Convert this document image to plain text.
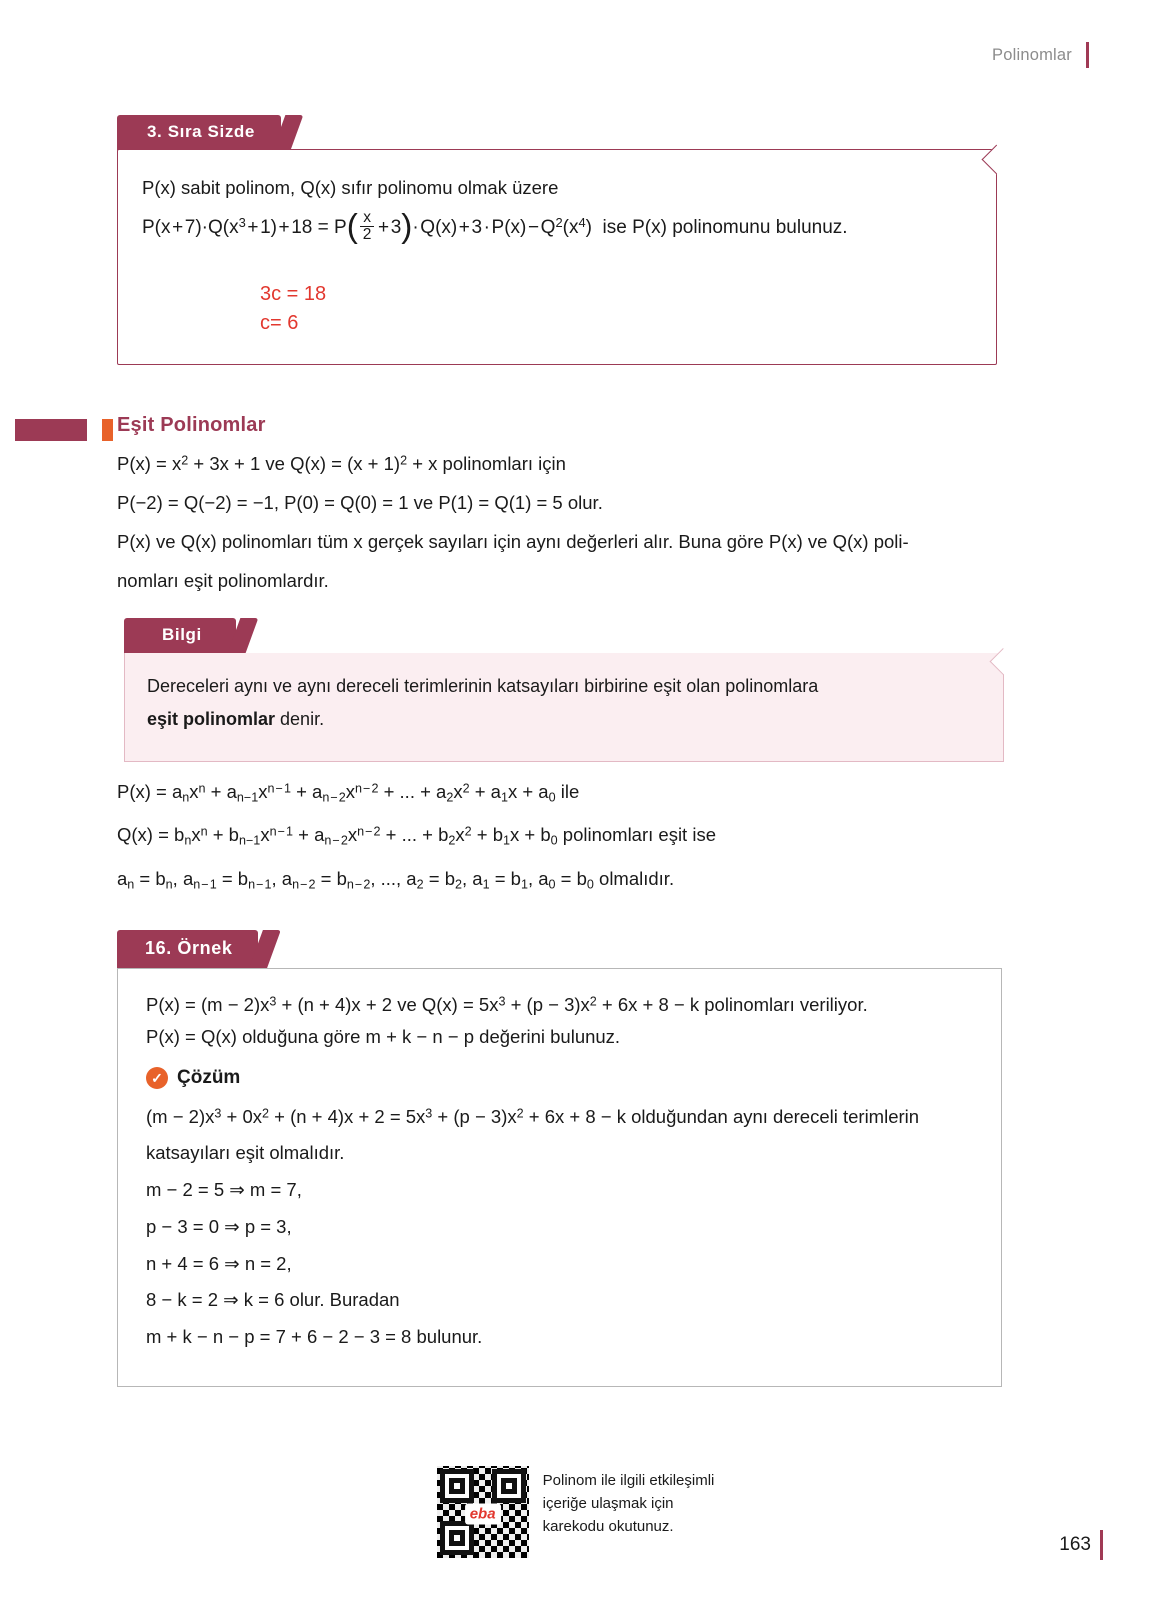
Polinomlar
3. Sıra Sizde

P(x) sabit polinom, Q(x) sıfır polinomu olmak üzere

P(x + $7)\cdot Q(x^3$ + 1) + $18 = P( \frac{x}{2}$  + 3)· Q(x) + 3 · P(x) − $Q^2(x^4)$  ise P(x) polinomunu bulunuz.

3c = 18
c= 6
Eşit Polinomlar

$P(x) = x^2 + 3x + 1$ ve $Q(x) = (x + 1)^2 + x$ polinomları için

P(−2) = Q(−2) = −1, P(0) = Q(0) = 1 ve P(1) = Q(1) = 5 olur.

P(x) ve Q(x) polinomları tüm x gerçek sayıları için aynı değerleri alır. Buna göre P(x) ve Q(x) poli-

nomları eşit polinomlardır.

Bilgi

Dereceleri aynı ve aynı dereceli terimlerinin katsayıları birbirine eşit olan polinomlara

eşit polinomlar denir.

$P(x) = a_nx^n + a_{n-1}x^{n - 1} + a_{n - 2}x^{n - 2}$ + ... + $a_2x^2 + a_1x + a_0$ ile

$Q(x) = b_nx^n + b_{n-1}x^{n - 1} + a_{n - 2}x^{n - 2}$ + ... + $b_2x^2 + b_1x + b_0$ polinomları eşit ise

$a_n = b_n$, $a_{n - 1} = b_{n - 1}$, $a_{n - 2} = b_{n - 2}$, ..., $a_2 = b_2$, $a_1 = b_1$, $a_0 = b_0$ olmalıdır.

16. Örnek

$P(x) = (m - 2)x^3 + (n + 4)x + 2$ ve $Q(x) = 5x^3 + (p - 3)x^2 + 6x + 8 - k$ polinomları veriliyor.

P(x) = Q(x) olduğuna göre m + k − n − p değerini bulunuz.

✓ Çözüm

$(m - 2)x^3 + 0x^2 + (n + 4)x + 2 = 5x^3 + (p - 3)x^2 + 6x + 8 - k$ olduğundan aynı dereceli terimlerin

katsayıları eşit olmalıdır.

m − 2 = 5 ⇒ m = 7,

p − 3 = 0 ⇒ p = 3,

n + 4 = 6 ⇒ n = 2,

8 − k = 2 ⇒ k = 6 olur. Buradan

m + k − n − p = 7 + 6 − 2 − 3 = 8 bulunur.

eba
Polinom ile ilgili etkileşimli
içeriğe ulaşmak için
karekodu okutunuz.
163
